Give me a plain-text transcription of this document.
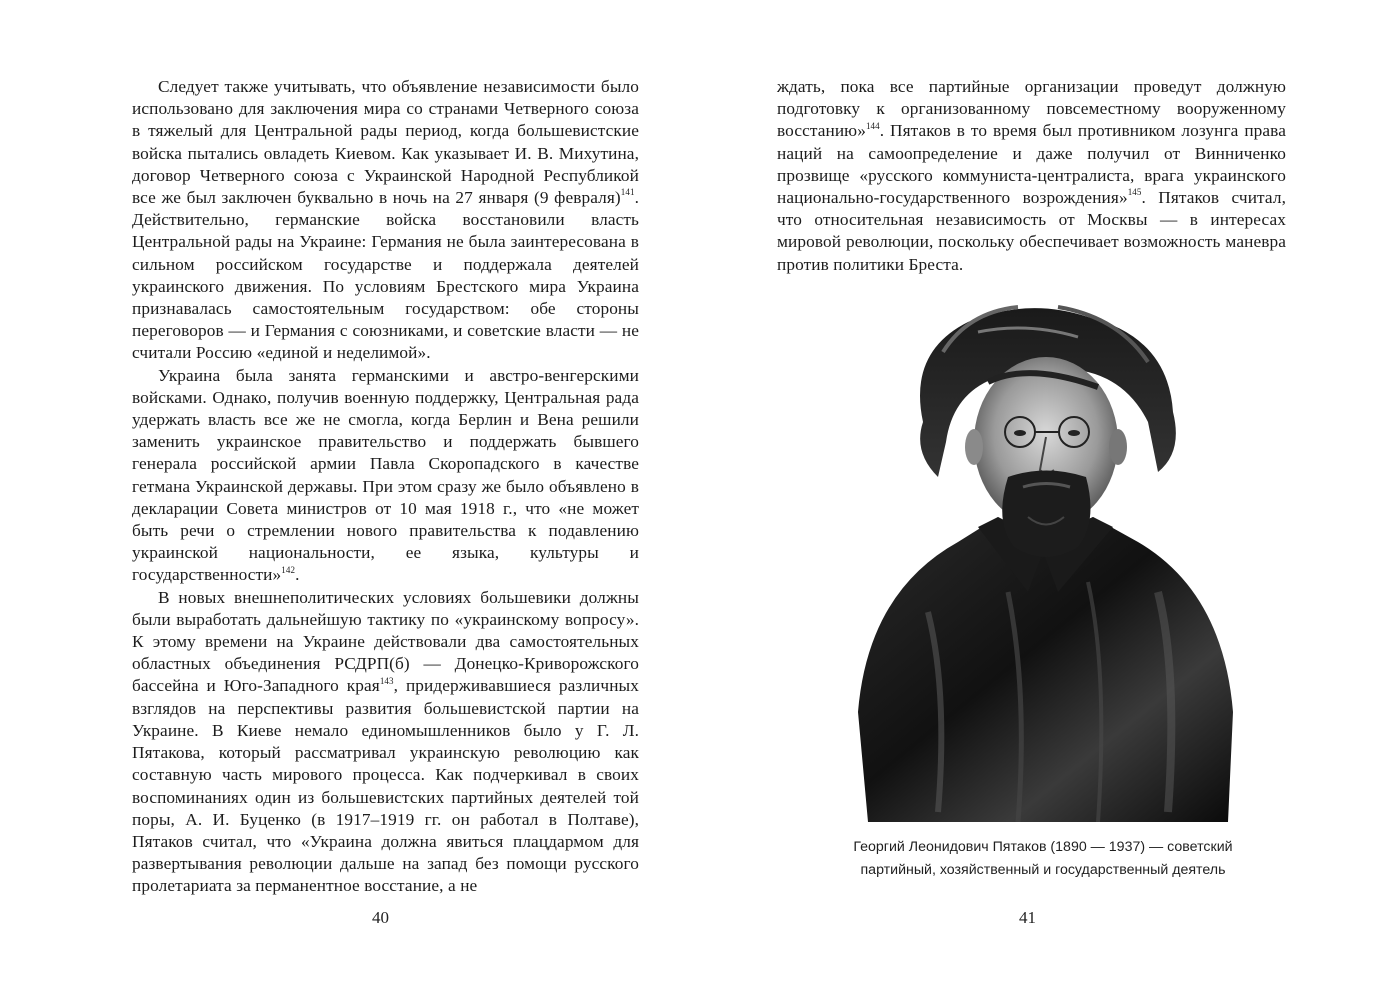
Следует также учитывать, что объявление независимости было использовано для заключения мира со странами Четверного союза в тяжелый для Центральной рады период, когда большевистские войска пытались овладеть Киевом. Как указывает И. В. Михутина, договор Четверного союза с Украинской Народной Республикой все же был заключен буквально в ночь на 27 января (9 февраля)$^{141}$. Действительно, германские войска восстановили власть Центральной рады на Украине: Германия не была заинтересована в сильном российском государстве и поддержала деятелей украинского движения. По условиям Брестского мира Украина признавалась самостоятельным государством: обе стороны переговоров — и Германия с союзниками, и советские власти — не считали Россию «единой и неделимой».

Украина была занята германскими и австро-венгерскими войсками. Однако, получив военную поддержку, Центральная рада удержать власть все же не смогла, когда Берлин и Вена решили заменить украинское правительство и поддержать бывшего генерала российской армии Павла Скоропадского в качестве гетмана Украинской державы. При этом сразу же было объявлено в декларации Совета министров от 10 мая 1918 г., что «не может быть речи о стремлении нового правительства к подавлению украинской национальности, ее языка, культуры и государственности»$^{142}$.

В новых внешнеполитических условиях большевики должны были выработать дальнейшую тактику по «украинскому вопросу». К этому времени на Украине действовали два самостоятельных областных объединения РСДРП(б) — Донецко-Криворожского бассейна и Юго-Западного края$^{143}$, придерживавшиеся различных взглядов на перспективы развития большевистской партии на Украине. В Киеве немало единомышленников было у Г. Л. Пятакова, который рассматривал украинскую революцию как составную часть мирового процесса. Как подчеркивал в своих воспоминаниях один из большевистских партийных деятелей той поры, А. И. Буценко (в 1917–1919 гг. он работал в Полтаве), Пятаков считал, что «Украина должна явиться плацдармом для развертывания революции дальше на запад без помощи русского пролетариата за перманентное восстание, а не

40

ждать, пока все партийные организации проведут должную подготовку к организованному повсеместному вооруженному восстанию»$^{144}$. Пятаков в то время был противником лозунга права наций на самоопределение и даже получил от Винниченко прозвище «русского коммуниста-централиста, врага украинского национально-государственного возрождения»$^{145}$. Пятаков считал, что относительная независимость от Москвы — в интересах мировой революции, поскольку обеспечивает возможность маневра против политики Бреста.

Георгий Леонидович Пятаков (1890 — 1937) — советский
партийный, хозяйственный и государственный деятель
41
